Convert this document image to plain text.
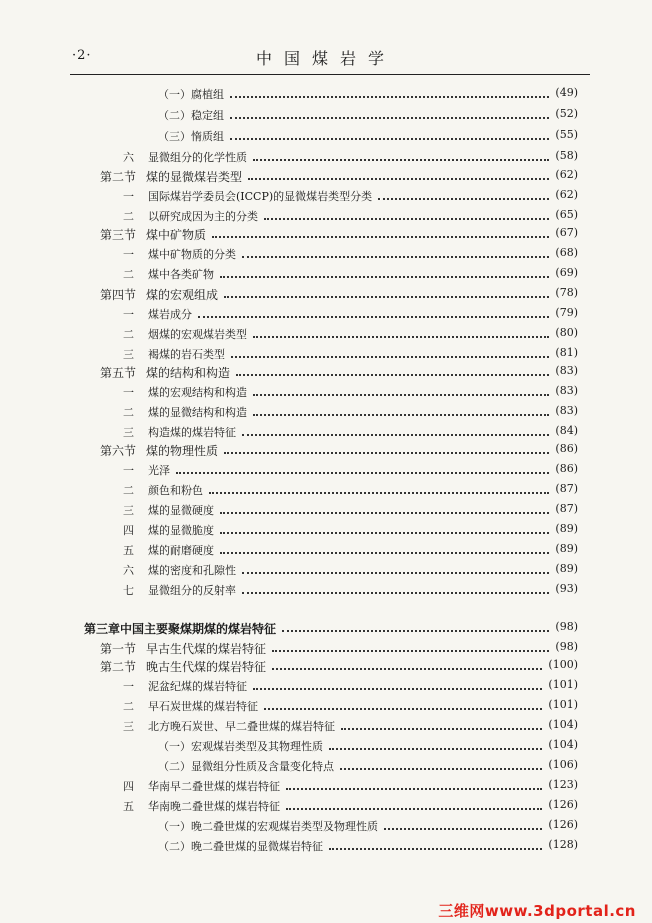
·2·	中国煤岩学
（一）腐植组	(49)
（二）稳定组	(52)
（三）惰质组	(55)
六 显微组分的化学性质	(58)
第二节 煤的显微煤岩类型	(62)
一 国际煤岩学委员会(ICCP)的显微煤岩类型分类	(62)
二 以研究成因为主的分类	(65)
第三节 煤中矿物质	(67)
一 煤中矿物质的分类	(68)
二 煤中各类矿物	(69)
第四节 煤的宏观组成	(78)
一 煤岩成分	(79)
二 烟煤的宏观煤岩类型	(80)
三 褐煤的岩石类型	(81)
第五节 煤的结构和构造	(83)
一 煤的宏观结构和构造	(83)
二 煤的显微结构和构造	(83)
三 构造煤的煤岩特征	(84)
第六节 煤的物理性质	(86)
一 光泽	(86)
二 颜色和粉色	(87)
三 煤的显微硬度	(87)
四 煤的显微脆度	(89)
五 煤的耐磨硬度	(89)
六 煤的密度和孔隙性	(89)
七 显微组分的反射率	(93)
第三章 中国主要聚煤期煤的煤岩特征	(98)
第一节 早古生代煤的煤岩特征	(98)
第二节 晚古生代煤的煤岩特征	(100)
一 泥盆纪煤的煤岩特征	(101)
二 早石炭世煤的煤岩特征	(101)
三 北方晚石炭世、早二叠世煤的煤岩特征	(104)
（一）宏观煤岩类型及其物理性质	(104)
（二）显微组分性质及含量变化特点	(106)
四 华南早二叠世煤的煤岩特征	(123)
五 华南晚二叠世煤的煤岩特征	(126)
（一）晚二叠世煤的宏观煤岩类型及物理性质	(126)
（二）晚二叠世煤的显微煤岩特征	(128)
三维网www.3dportal.cn
